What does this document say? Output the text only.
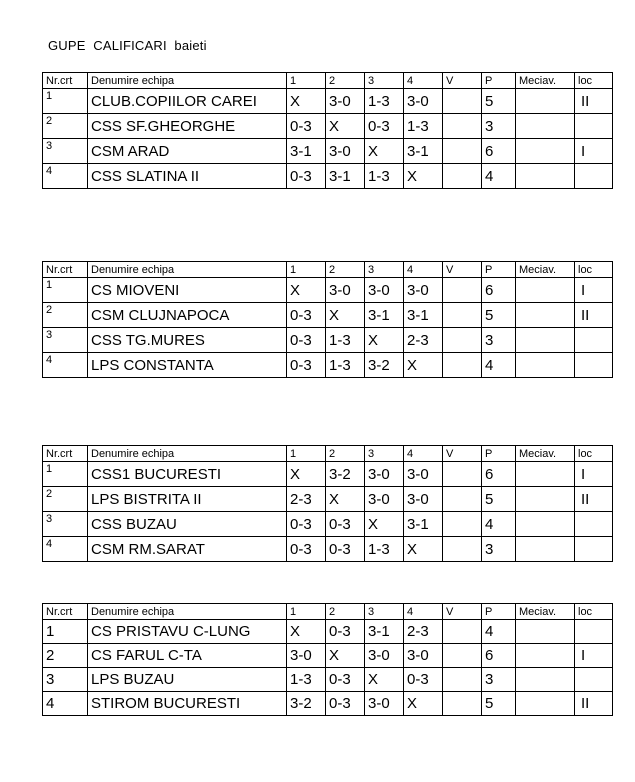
GUPE  CALIFICARI  baieti
Nr.crt	Denumire echipa	1	2	3	4	V	P	Meciav.	loc
1	CLUB.COPIILOR CAREI	X	3-0	1-3	3-0		5		II
2	CSS SF.GHEORGHE	0-3	X	0-3	1-3		3		
3	CSM ARAD	3-1	3-0	X	3-1		6		I
4	CSS SLATINA II	0-3	3-1	1-3	X		4		
Nr.crt	Denumire echipa	1	2	3	4	V	P	Meciav.	loc
1	CS MIOVENI	X	3-0	3-0	3-0		6		I
2	CSM CLUJNAPOCA	0-3	X	3-1	3-1		5		II
3	CSS TG.MURES	0-3	1-3	X	2-3		3		
4	LPS CONSTANTA	0-3	1-3	3-2	X		4		
Nr.crt	Denumire echipa	1	2	3	4	V	P	Meciav.	loc
1	CSS1 BUCURESTI	X	3-2	3-0	3-0		6		I
2	LPS BISTRITA II	2-3	X	3-0	3-0		5		II
3	CSS BUZAU	0-3	0-3	X	3-1		4		
4	CSM RM.SARAT	0-3	0-3	1-3	X		3		
Nr.crt	Denumire echipa	1	2	3	4	V	P	Meciav.	loc
1	CS PRISTAVU C-LUNG	X	0-3	3-1	2-3		4		
2	CS FARUL C-TA	3-0	X	3-0	3-0		6		I
3	LPS BUZAU	1-3	0-3	X	0-3		3		
4	STIROM BUCURESTI	3-2	0-3	3-0	X		5		II
